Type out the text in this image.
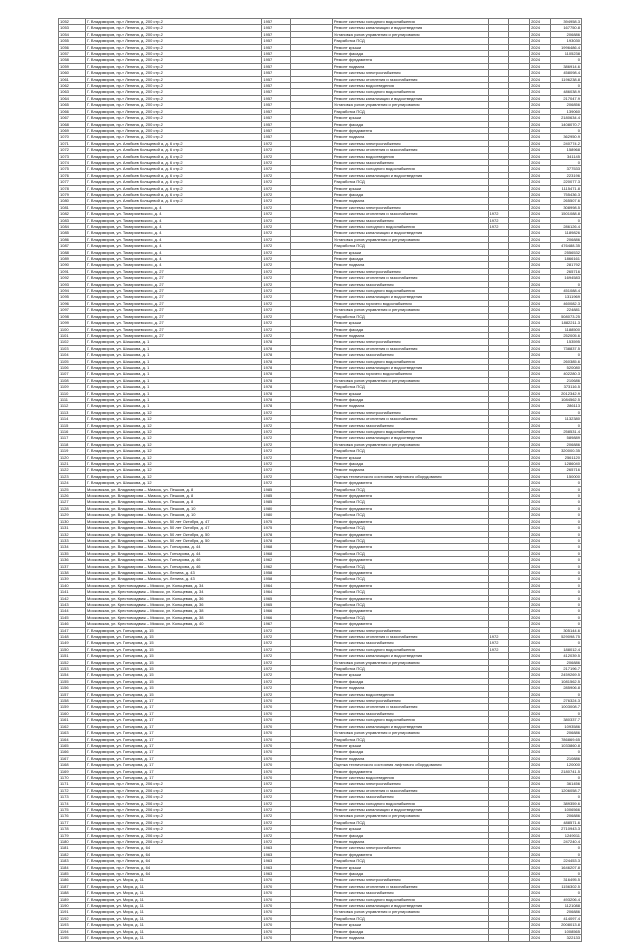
1052	Г. Владимиров, пр-т Ленина, д. 200 стр.2	1957		Ремонт системы холодного водоснабжения			2024	394958.3
1053	Г. Владимиров, пр-т Ленина, д. 200 стр.2	1957		Ремонт системы канализации и водоотведения			2024	167750.8
1054	Г. Владимиров, пр-т Ленина, д. 200 стр.2	1957		Установка узлов управления и регулирования			2024	206886
1055	Г. Владимиров, пр-т Ленина, д. 200 стр.2	1957		Разработка ПСД			2024	193030
1056	Г. Владимиров, пр-т Ленина, д. 200 стр.2	1957		Ремонт крыши			2024	1996486.4
1057	Г. Владимиров, пр-т Ленина, д. 200 стр.2	1957		Ремонт фасада			2024	1105238
1058	Г. Владимиров, пр-т Ленина, д. 200 стр.2	1957		Ремонт фундамента			2024	0
1059	Г. Владимиров, пр-т Ленина, д. 200 стр.2	1957		Ремонт подвала			2024	386914.6
1060	Г. Владимиров, пр-т Ленина, д. 200 стр.2	1957		Ремонт системы электроснабжения			2024	458098.4
1061	Г. Владимиров, пр-т Ленина, д. 200 стр.2	1957		Ремонт системы отопления и газоснабжения			2024	1196238.8
1062	Г. Владимиров, пр-т Ленина, д. 200 стр.2	1957		Ремонт системы водоотведения			2024	0
1063	Г. Владимиров, пр-т Ленина, д. 200 стр.2	1957		Ремонт системы холодного водоснабжения			2024	486038.9
1064	Г. Владимиров, пр-т Ленина, д. 200 стр.2	1957		Ремонт системы канализации и водоотведения			2024	217047.9
1065	Г. Владимиров, пр-т Ленина, д. 200 стр.2	1957		Установка узлов управления и регулирования			2024	206856
1066	Г. Владимиров, пр-т Ленина, д. 200 стр.2	1957		Разработка ПСД			2024	139060
1067	Г. Владимиров, пр-т Ленина, д. 200 стр.2	1957		Ремонт крыши			2024	2180634.4
1068	Г. Владимиров, пр-т Ленина, д. 200 стр.2	1957		Ремонт фасада			2024	1408070.7
1069	Г. Владимиров, пр-т Ленина, д. 200 стр.2	1957		Ремонт фундамента			2024	0
1070	Г. Владимиров, пр-т Ленина, д. 200 стр.2	1957		Ремонт подвала			2024	362950.9
1071	Г. Владимиров, ул. Алябьев Кольцевой а, д. 6 стр.2	1972		Ремонт системы электроснабжения			2024	240774.2
1072	Г. Владимиров, ул. Алябьев Кольцевой а, д. 6 стр.2	1972		Ремонт системы отопления и газоснабжения			2024	158968
1073	Г. Владимиров, ул. Алябьев Кольцевой а, д. 6 стр.2	1972		Ремонт системы водоотведения			2024	341145
1074	Г. Владимиров, ул. Алябьев Кольцевой а, д. 6 стр.2	1972		Ремонт системы газоснабжения			2024	0
1075	Г. Владимиров, ул. Алябьев Кольцевой а, д. 6 стр.2	1972		Ремонт системы холодного водоснабжения			2024	377533
1076	Г. Владимиров, ул. Алябьев Кольцевой а, д. 6 стр.2	1972		Ремонт системы канализации и водоотведения			2024	223196
1077	Г. Владимиров, ул. Алябьев Кольцевой а, д. 6 стр.2	1972		Разработка ПСД			2024	220077.3
1078	Г. Владимиров, ул. Алябьев Кольцевой а, д. 6 стр.2	1972		Ремонт крыши			2024	1115471.8
1079	Г. Владимиров, ул. Алябьев Кольцевой а, д. 6 стр.2	1972		Ремонт фасада			2024	755436.3
1080	Г. Владимиров, ул. Алябьев Кольцевой а, д. 6 стр.2	1972		Ремонт подвала			2024	265507.6
1081	Г. Владимиров, ул. Тимирязевского, д. 4	1972		Ремонт системы электроснабжения			2024	308998.5
1082	Г. Владимиров, ул. Тимирязевского, д. 4	1972		Ремонт системы отопления и газоснабжения	1972		2024	1501088.8
1083	Г. Владимиров, ул. Тимирязевского, д. 4	1972		Ремонт системы газоснабжения	1972		2024	0
1084	Г. Владимиров, ул. Тимирязевского, д. 4	1972		Ремонт системы холодного водоснабжения	1972		2024	286126.4
1085	Г. Владимиров, ул. Тимирязевского, д. 4	1972		Ремонт системы канализации и водоотведения			2024	1189826
1086	Г. Владимиров, ул. Тимирязевского, д. 4	1972		Установка узлов управления и регулирования			2024	206886
1087	Г. Владимиров, ул. Тимирязевского, д. 4	1972		Разработка ПСД			2024	476488.35
1088	Г. Владимиров, ул. Тимирязевского, д. 4	1972		Ремонт крыши			2024	2556532
1089	Г. Владимиров, ул. Тимирязевского, д. 4	1972		Ремонт фасада			2024	1866161
1090	Г. Владимиров, ул. Тимирязевского, д. 4	1972		Ремонт подвала			2024	281792
1091	Г. Владимиров, ул. Тимирязевского, д. 27	1972		Ремонт системы электроснабжения			2024	265716
1092	Г. Владимиров, ул. Тимирязевского, д. 27	1972		Ремонт системы отопления и газоснабжения			2024	1694583
1093	Г. Владимиров, ул. Тимирязевского, д. 27	1972		Ремонт системы газоснабжения			2024	0
1094	Г. Владимиров, ул. Тимирязевского, д. 27	1972		Ремонт системы холодного водоснабжения			2024	451088.4
1095	Г. Владимиров, ул. Тимирязевского, д. 27	1972		Ремонт системы канализации и водоотведения			2024	1311969
1096	Г. Владимиров, ул. Тимирязевского, д. 27	1972		Ремонт системы горячего водоснабжения			2024	460082.3
1097	Г. Владимиров, ул. Тимирязевского, д. 27	1972		Установка узлов управления и регулирования			2024	224881
1098	Г. Владимиров, ул. Тимирязевского, д. 27	1972		Разработка ПСД			2024	508073.25
1099	Г. Владимиров, ул. Тимирязевского, д. 27	1972		Ремонт крыши			2024	1882211.3
1100	Г. Владимиров, ул. Тимирязевского, д. 27	1972		Ремонт фасада			2024	1188500
1101	Г. Владимиров, ул. Тимирязевского, д. 27	1972		Ремонт подвала			2024	252005.6
1102	Г. Владимиров, ул. Шишкова, д. 1	1978		Ремонт системы электроснабжения			2024	153595
1103	Г. Владимиров, ул. Шишкова, д. 1	1978		Ремонт системы отопления и газоснабжения			2024	738837.5
1104	Г. Владимиров, ул. Шишкова, д. 1	1978		Ремонт системы газоснабжения			2024	0
1105	Г. Владимиров, ул. Шишкова, д. 1	1978		Ремонт системы холодного водоснабжения			2024	260385.6
1106	Г. Владимиров, ул. Шишкова, д. 1	1978		Ремонт системы канализации и водоотведения			2024	520080
1107	Г. Владимиров, ул. Шишкова, д. 1	1978		Ремонт системы горячего водоснабжения			2024	402280.3
1108	Г. Владимиров, ул. Шишкова, д. 1	1978		Установка узлов управления и регулирования			2024	210686
1109	Г. Владимиров, ул. Шишкова, д. 1	1978		Разработка ПСД			2024	373116.5
1110	Г. Владимиров, ул. Шишкова, д. 1	1978		Ремонт крыши			2024	2012342.9
1111	Г. Владимиров, ул. Шишкова, д. 1	1978		Ремонт фасада			2024	1084562.5
1112	Г. Владимиров, ул. Шишкова, д. 1	1978		Ремонт подвала			2024	286113
1113	Г. Владимиров, ул. Шишкова, д. 12	1972		Ремонт системы электроснабжения			2024	0
1114	Г. Владимиров, ул. Шишкова, д. 12	1972		Ремонт системы отопления и газоснабжения			2024	1132380
1115	Г. Владимиров, ул. Шишкова, д. 12	1972		Ремонт системы газоснабжения			2024	0
1116	Г. Владимиров, ул. Шишкова, д. 12	1972		Ремонт системы холодного водоснабжения			2024	258531.4
1117	Г. Владимиров, ул. Шишкова, д. 12	1972		Ремонт системы канализации и водоотведения			2024	589889
1118	Г. Владимиров, ул. Шишкова, д. 12	1972		Установка узлов управления и регулирования			2024	206886
1119	Г. Владимиров, ул. Шишкова, д. 12	1972		Разработка ПСД			2024	320000.35
1120	Г. Владимиров, ул. Шишкова, д. 12	1972		Ремонт крыши			2024	2561120
1121	Г. Владимиров, ул. Шишкова, д. 12	1972		Ремонт фасада			2024	1286040
1122	Г. Владимиров, ул. Шишкова, д. 12	1972		Ремонт подвала			2024	265716
1123	Г. Владимиров, ул. Шишкова, д. 12	1972		Оценка технического состояния лифтового оборудования			2024	150000
1124	Г. Владимиров, ул. Шишкова, д. 12	1972		Ремонт фундамента			2024	0
1125	Московская, ул. Владимирова – Миасск, ул. Пешков, д. 8	1985		Разработка ПСД			2024	0
1126	Московская, ул. Владимирова – Миасск, ул. Пешков, д. 8	1985		Ремонт фундамента			2024	0
1127	Московская, ул. Владимирова – Миасск, ул. Пешков, д. 8	1985		Разработка ПСД			2024	0
1128	Московская, ул. Владимирова – Миасск, ул. Пешков, д. 10	1980		Ремонт фундамента			2024	0
1129	Московская, ул. Владимирова – Миасск, ул. Пешков, д. 10	1980		Разработка ПСД			2024	0
1130	Московская, ул. Владимирова – Миасск, ул. 50 лет Октября, д. 47	1975		Ремонт фундамента			2024	0
1131	Московская, ул. Владимирова – Миасск, ул. 50 лет Октября, д. 47	1975		Разработка ПСД			2024	0
1132	Московская, ул. Владимирова – Миасск, ул. 50 лет Октября, д. 50	1978		Ремонт фундамента			2024	0
1133	Московская, ул. Владимирова – Миасск, ул. 50 лет Октября, д. 50	1978		Разработка ПСД			2024	0
1134	Московская, ул. Владимирова – Миасск, ул. Гончарова, д. 44	1968		Ремонт фундамента			2024	0
1135	Московская, ул. Владимирова – Миасск, ул. Гончарова, д. 44	1968		Разработка ПСД			2024	0
1136	Московская, ул. Владимирова – Миасск, ул. Гончарова, д. 46	1962		Ремонт фундамента			2024	0
1137	Московская, ул. Владимирова – Миасск, ул. Гончарова, д. 46	1962		Разработка ПСД			2024	0
1138	Московская, ул. Владимирова – Миасск, ул. Ленина, д. 43	1958		Ремонт фундамента			2024	0
1139	Московская, ул. Владимирова – Миасск, ул. Ленина, д. 43	1958		Разработка ПСД			2024	0
1140	Московская, ул. Крестовоздвиж – Миасск, ул. Кольцевая, д. 34	1964		Ремонт фундамента			2024	0
1141	Московская, ул. Крестовоздвиж – Миасск, ул. Кольцевая, д. 34	1964		Разработка ПСД			2024	0
1142	Московская, ул. Крестовоздвиж – Миасск, ул. Кольцевая, д. 36	1965		Ремонт фундамента			2024	0
1143	Московская, ул. Крестовоздвиж – Миасск, ул. Кольцевая, д. 36	1965		Разработка ПСД			2024	0
1144	Московская, ул. Крестовоздвиж – Миасск, ул. Кольцевая, д. 38	1966		Ремонт фундамента			2024	0
1145	Московская, ул. Крестовоздвиж – Миасск, ул. Кольцевая, д. 38	1966		Разработка ПСД			2024	0
1146	Московская, ул. Крестовоздвиж – Миасск, ул. Кольцевая, д. 40	1967		Ремонт фундамента			2024	0
1147	Г. Владимиров, ул. Гончарова, д. 15	1972		Ремонт системы электроснабжения			2024	305144.6
1148	Г. Владимиров, ул. Гончарова, д. 15	1972		Ремонт системы отопления и газоснабжения	1972		2024	529098.75
1149	Г. Владимиров, ул. Гончарова, д. 15	1972		Ремонт системы газоснабжения	1972		2024	0
1150	Г. Владимиров, ул. Гончарова, д. 15	1972		Ремонт системы холодного водоснабжения	1972		2024	188012.4
1151	Г. Владимиров, ул. Гончарова, д. 15	1972		Ремонт системы канализации и водоотведения			2024	412039.5
1152	Г. Владимиров, ул. Гончарова, д. 15	1972		Установка узлов управления и регулирования			2024	206886
1153	Г. Владимиров, ул. Гончарова, д. 15	1972		Разработка ПСД			2024	217196.7
1154	Г. Владимиров, ул. Гончарова, д. 15	1972		Ремонт крыши			2024	2459269.5
1155	Г. Владимиров, ул. Гончарова, д. 15	1972		Ремонт фасада			2024	1081562.5
1156	Г. Владимиров, ул. Гончарова, д. 15	1972		Ремонт подвала			2024	285906.8
1157	Г. Владимиров, ул. Гончарова, д. 15	1972		Ремонт системы водоотведения			2024	0
1158	Г. Владимиров, ул. Гончарова, д. 17	1970		Ремонт системы электроснабжения			2024	276324.3
1159	Г. Владимиров, ул. Гончарова, д. 17	1970		Ремонт системы отопления и газоснабжения			2024	1003008.7
1160	Г. Владимиров, ул. Гончарова, д. 17	1970		Ремонт системы газоснабжения			2024	0
1161	Г. Владимиров, ул. Гончарова, д. 17	1970		Ремонт системы холодного водоснабжения			2024	380337.7
1162	Г. Владимиров, ул. Гончарова, д. 17	1970		Ремонт системы канализации и водоотведения			2024	1093586
1163	Г. Владимиров, ул. Гончарова, д. 17	1970		Установка узлов управления и регулирования			2024	206886
1164	Г. Владимиров, ул. Гончарова, д. 17	1970		Разработка ПСД			2024	786869.65
1165	Г. Владимиров, ул. Гончарова, д. 17	1970		Ремонт крыши			2024	1033860.8
1166	Г. Владимиров, ул. Гончарова, д. 17	1970		Ремонт фасада			2024	0
1167	Г. Владимиров, ул. Гончарова, д. 17	1970		Ремонт подвала			2024	210886
1168	Г. Владимиров, ул. Гончарова, д. 17	1970		Оценка технического состояния лифтового оборудования			2024	120000
1169	Г. Владимиров, ул. Гончарова, д. 17	1970		Ремонт фундамента			2024	2180741.5
1170	Г. Владимиров, ул. Гончарова, д. 17	1970		Ремонт системы водоотведения			2024	0
1171	Г. Владимиров, пр-т Ленина, д. 206 стр.2	1972		Ремонт системы электроснабжения			2024	361456
1172	Г. Владимиров, пр-т Ленина, д. 206 стр.2	1972		Ремонт системы отопления и газоснабжения			2024	1206058.7
1173	Г. Владимиров, пр-т Ленина, д. 206 стр.2	1972		Ремонт системы газоснабжения			2024	0
1174	Г. Владимиров, пр-т Ленина, д. 206 стр.2	1972		Ремонт системы холодного водоснабжения			2024	389359.6
1175	Г. Владимиров, пр-т Ленина, д. 206 стр.2	1972		Ремонт системы канализации и водоотведения			2024	1006566
1176	Г. Владимиров, пр-т Ленина, д. 206 стр.2	1972		Установка узлов управления и регулирования			2024	206886
1177	Г. Владимиров, пр-т Ленина, д. 206 стр.2	1972		Разработка ПСД			2024	488571.6
1178	Г. Владимиров, пр-т Ленина, д. 206 стр.2	1972		Ремонт крыши			2024	2710943.3
1179	Г. Владимиров, пр-т Ленина, д. 206 стр.2	1972		Ремонт фасада			2024	1249011
1180	Г. Владимиров, пр-т Ленина, д. 206 стр.2	1972		Ремонт подвала			2024	247240.4
1181	Г. Владимиров, пр-т Ленина, д. 64	1963		Ремонт системы электроснабжения			2024	0
1182	Г. Владимиров, пр-т Ленина, д. 64	1963		Ремонт фундамента			2024	0
1183	Г. Владимиров, пр-т Ленина, д. 64	1963		Разработка ПСД			2024	224453.3
1184	Г. Владимиров, пр-т Ленина, д. 64	1963		Ремонт крыши			2024	1646207.8
1185	Г. Владимиров, пр-т Ленина, д. 64	1963		Ремонт фасада			2024	0
1186	Г. Владимиров, ул. Мира, д. 11	1970		Ремонт системы электроснабжения			2024	316495.5
1187	Г. Владимиров, ул. Мира, д. 11	1970		Ремонт системы отопления и газоснабжения			2024	1156302.5
1188	Г. Владимиров, ул. Мира, д. 11	1970		Ремонт системы газоснабжения			2024	0
1189	Г. Владимиров, ул. Мира, д. 11	1970		Ремонт системы холодного водоснабжения			2024	493206.4
1190	Г. Владимиров, ул. Мира, д. 11	1970		Ремонт системы канализации и водоотведения			2024	1121088
1191	Г. Владимиров, ул. Мира, д. 11	1970		Установка узлов управления и регулирования			2024	206886
1192	Г. Владимиров, ул. Мира, д. 11	1970		Разработка ПСД			2024	414097.4
1193	Г. Владимиров, ул. Мира, д. 11	1970		Ремонт крыши			2024	2008013.8
1194	Г. Владимиров, ул. Мира, д. 11	1970		Ремонт фасада			2024	1008565
1195	Г. Владимиров, ул. Мира, д. 11	1970		Ремонт подвала			2024	322133
